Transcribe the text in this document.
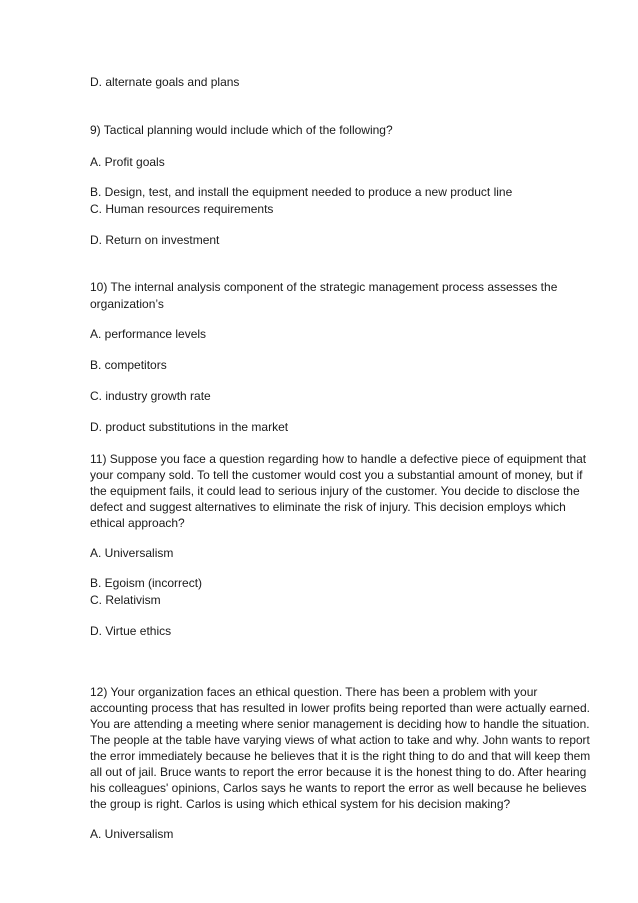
D. alternate goals and plans
9) Tactical planning would include which of the following?
A. Profit goals
B. Design, test, and install the equipment needed to produce a new product line
C. Human resources requirements
D. Return on investment
10) The internal analysis component of the strategic management process assesses the
organization’s
A. performance levels
B. competitors
C. industry growth rate
D. product substitutions in the market
11) Suppose you face a question regarding how to handle a defective piece of equipment that
your company sold. To tell the customer would cost you a substantial amount of money, but if
the equipment fails, it could lead to serious injury of the customer. You decide to disclose the
defect and suggest alternatives to eliminate the risk of injury. This decision employs which
ethical approach?
A. Universalism
B. Egoism (incorrect)
C. Relativism
D. Virtue ethics
12) Your organization faces an ethical question. There has been a problem with your
accounting process that has resulted in lower profits being reported than were actually earned.
You are attending a meeting where senior management is deciding how to handle the situation.
The people at the table have varying views of what action to take and why. John wants to report
the error immediately because he believes that it is the right thing to do and that will keep them
all out of jail. Bruce wants to report the error because it is the honest thing to do. After hearing
his colleagues' opinions, Carlos says he wants to report the error as well because he believes
the group is right. Carlos is using which ethical system for his decision making?
A. Universalism
